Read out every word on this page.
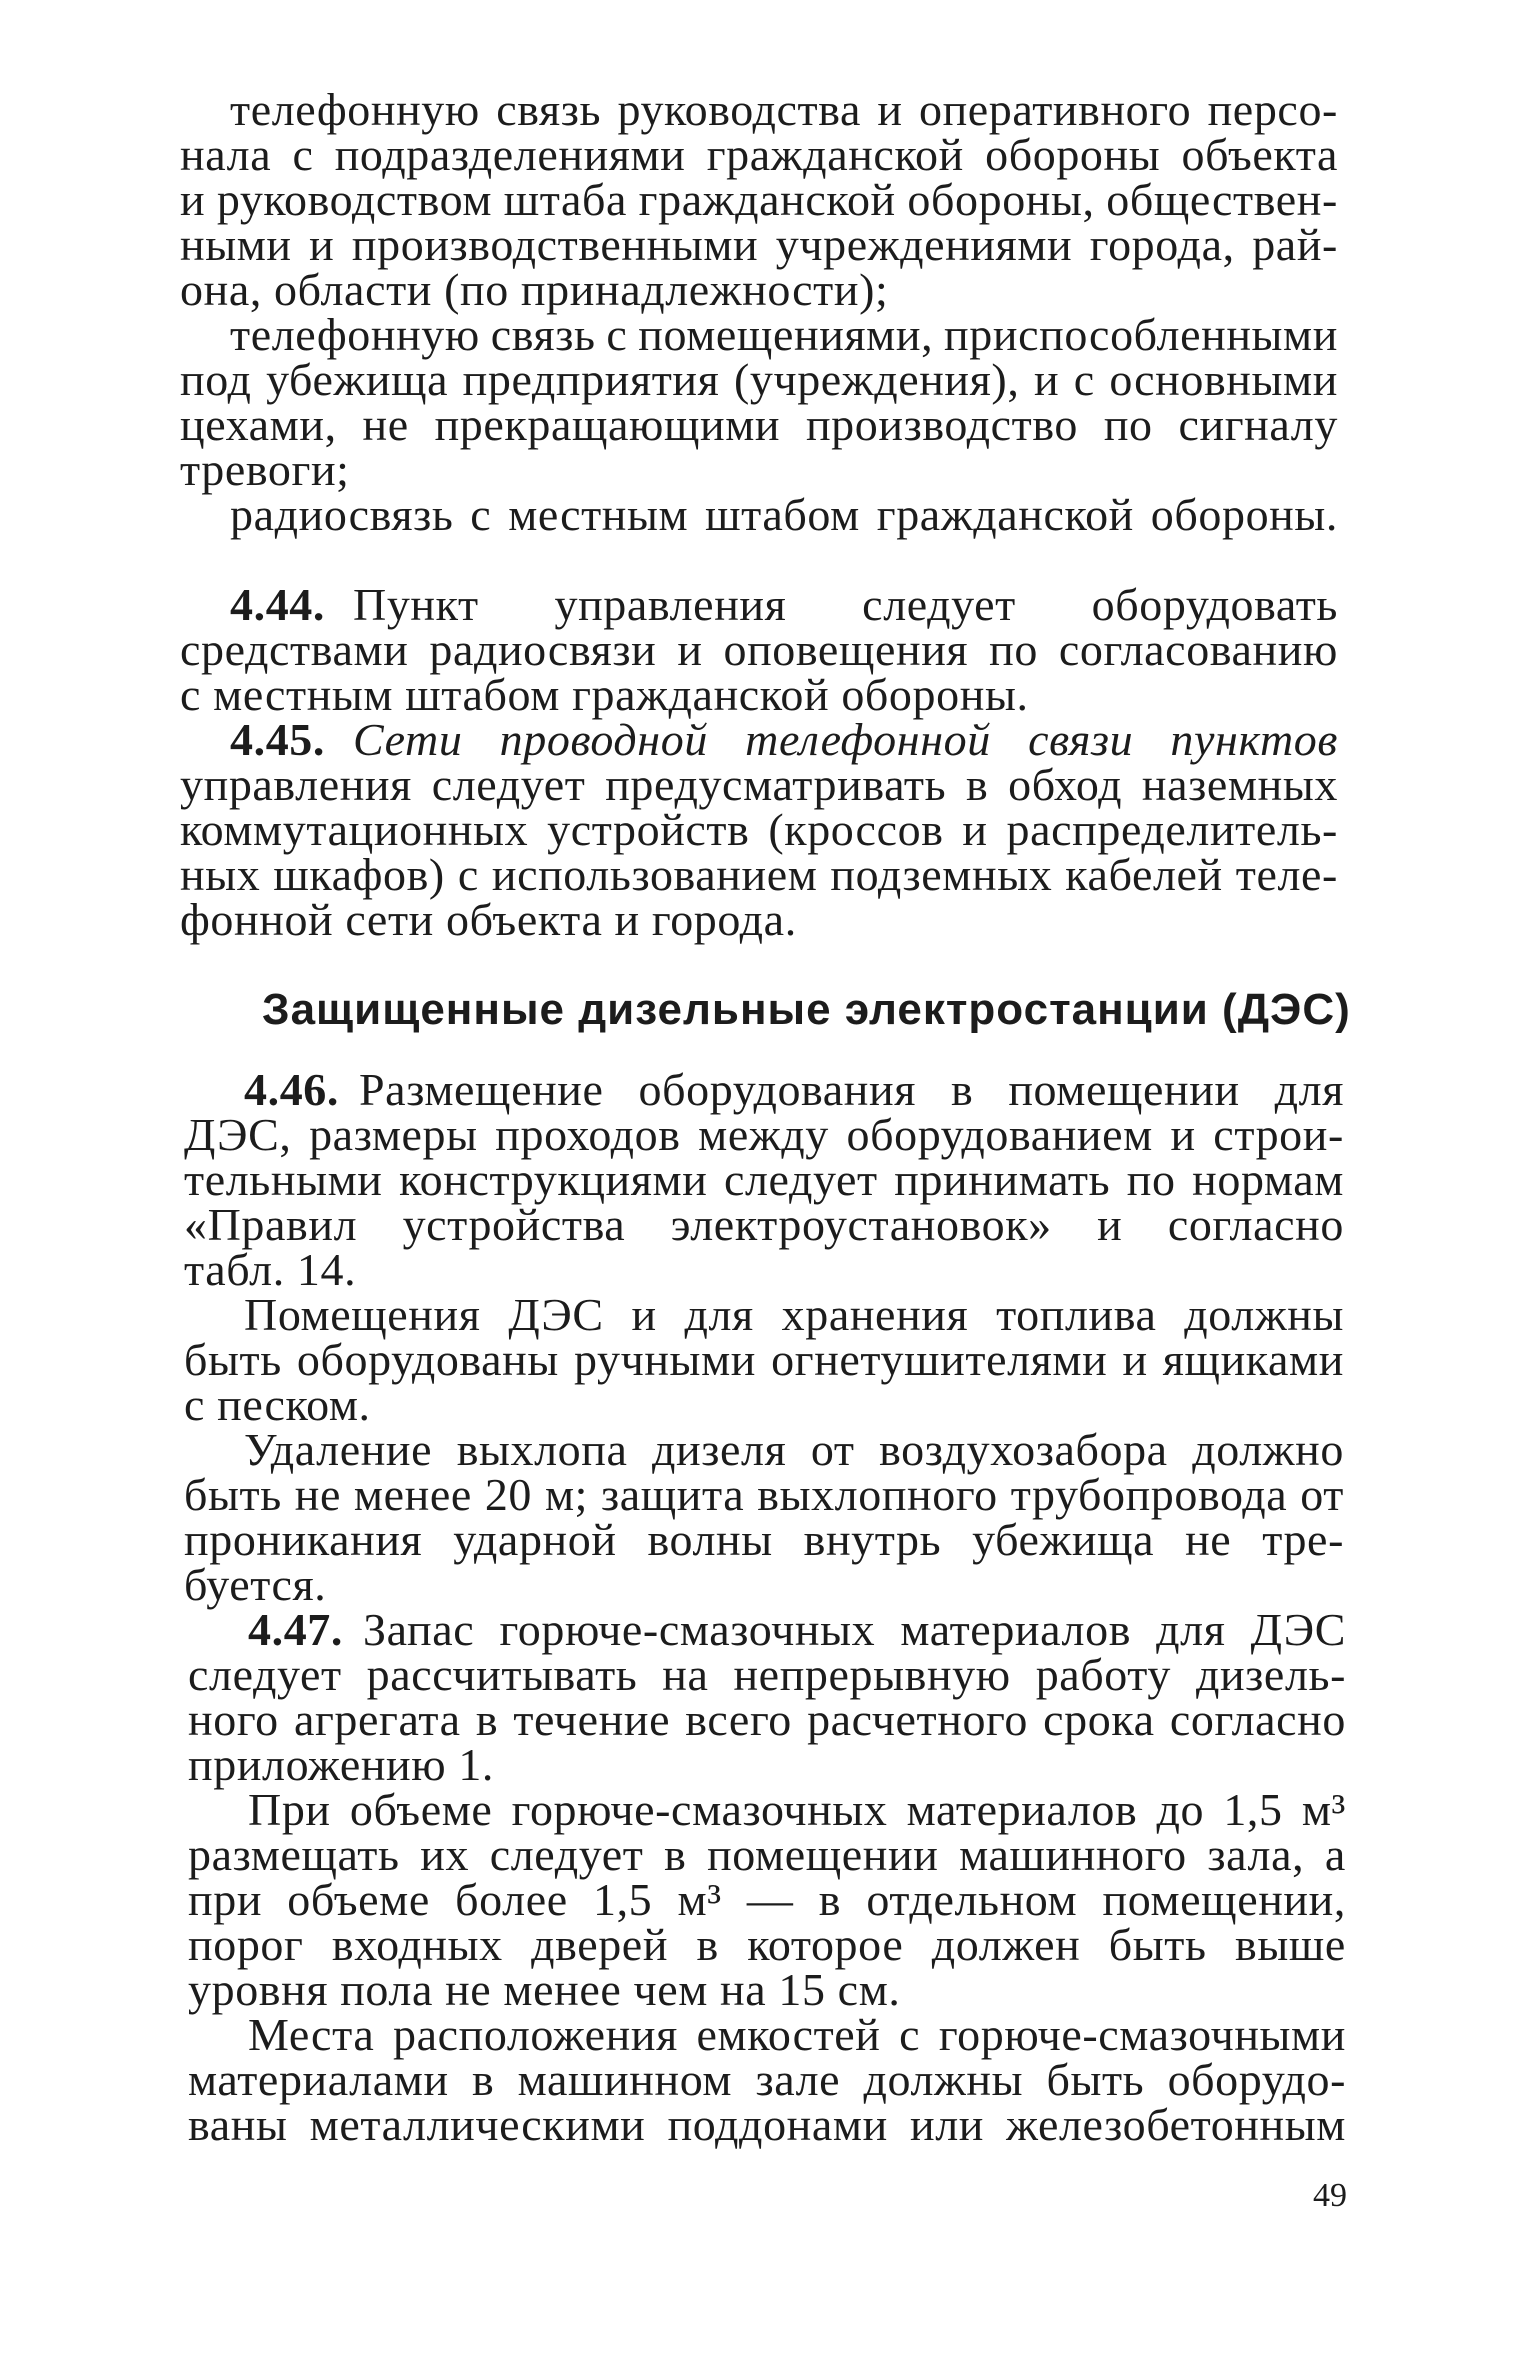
телефонную связь руководства и оперативного персо-
нала с подразделениями гражданской обороны объекта
и руководством штаба гражданской обороны, обществен-
ными и производственными учреждениями города, рай-
она, области (по принадлежности);
телефонную связь с помещениями, приспособленными
под убежища предприятия (учреждения), и с основными
цехами, не прекращающими производство по сигналу
тревоги;
радиосвязь с местным штабом гражданской обороны.
4.44. Пункт управления следует оборудовать
средствами радиосвязи и оповещения по согласованию
с местным штабом гражданской обороны.
4.45. Сети проводной телефонной связи пунктов
управления следует предусматривать в обход наземных
коммутационных устройств (кроссов и распределитель-
ных шкафов) с использованием подземных кабелей теле-
фонной сети объекта и города.
Защищенные дизельные электростанции (ДЭС)
4.46. Размещение оборудования в помещении для
ДЭС, размеры проходов между оборудованием и строи-
тельными конструкциями следует принимать по нормам
«Правил устройства электроустановок» и согласно
табл. 14.
Помещения ДЭС и для хранения топлива должны
быть оборудованы ручными огнетушителями и ящиками
с песком.
Удаление выхлопа дизеля от воздухозабора должно
быть не менее 20 м; защита выхлопного трубопровода от
проникания ударной волны внутрь убежища не тре-
буется.
4.47. Запас горюче-смазочных материалов для ДЭС
следует рассчитывать на непрерывную работу дизель-
ного агрегата в течение всего расчетного срока согласно
приложению 1.
При объеме горюче-смазочных материалов до 1,5 м³
размещать их следует в помещении машинного зала, а
при объеме более 1,5 м³ — в отдельном помещении,
порог входных дверей в которое должен быть выше
уровня пола не менее чем на 15 см.
Места расположения емкостей с горюче-смазочными
материалами в машинном зале должны быть оборудо-
ваны металлическими поддонами или железобетонным
49
